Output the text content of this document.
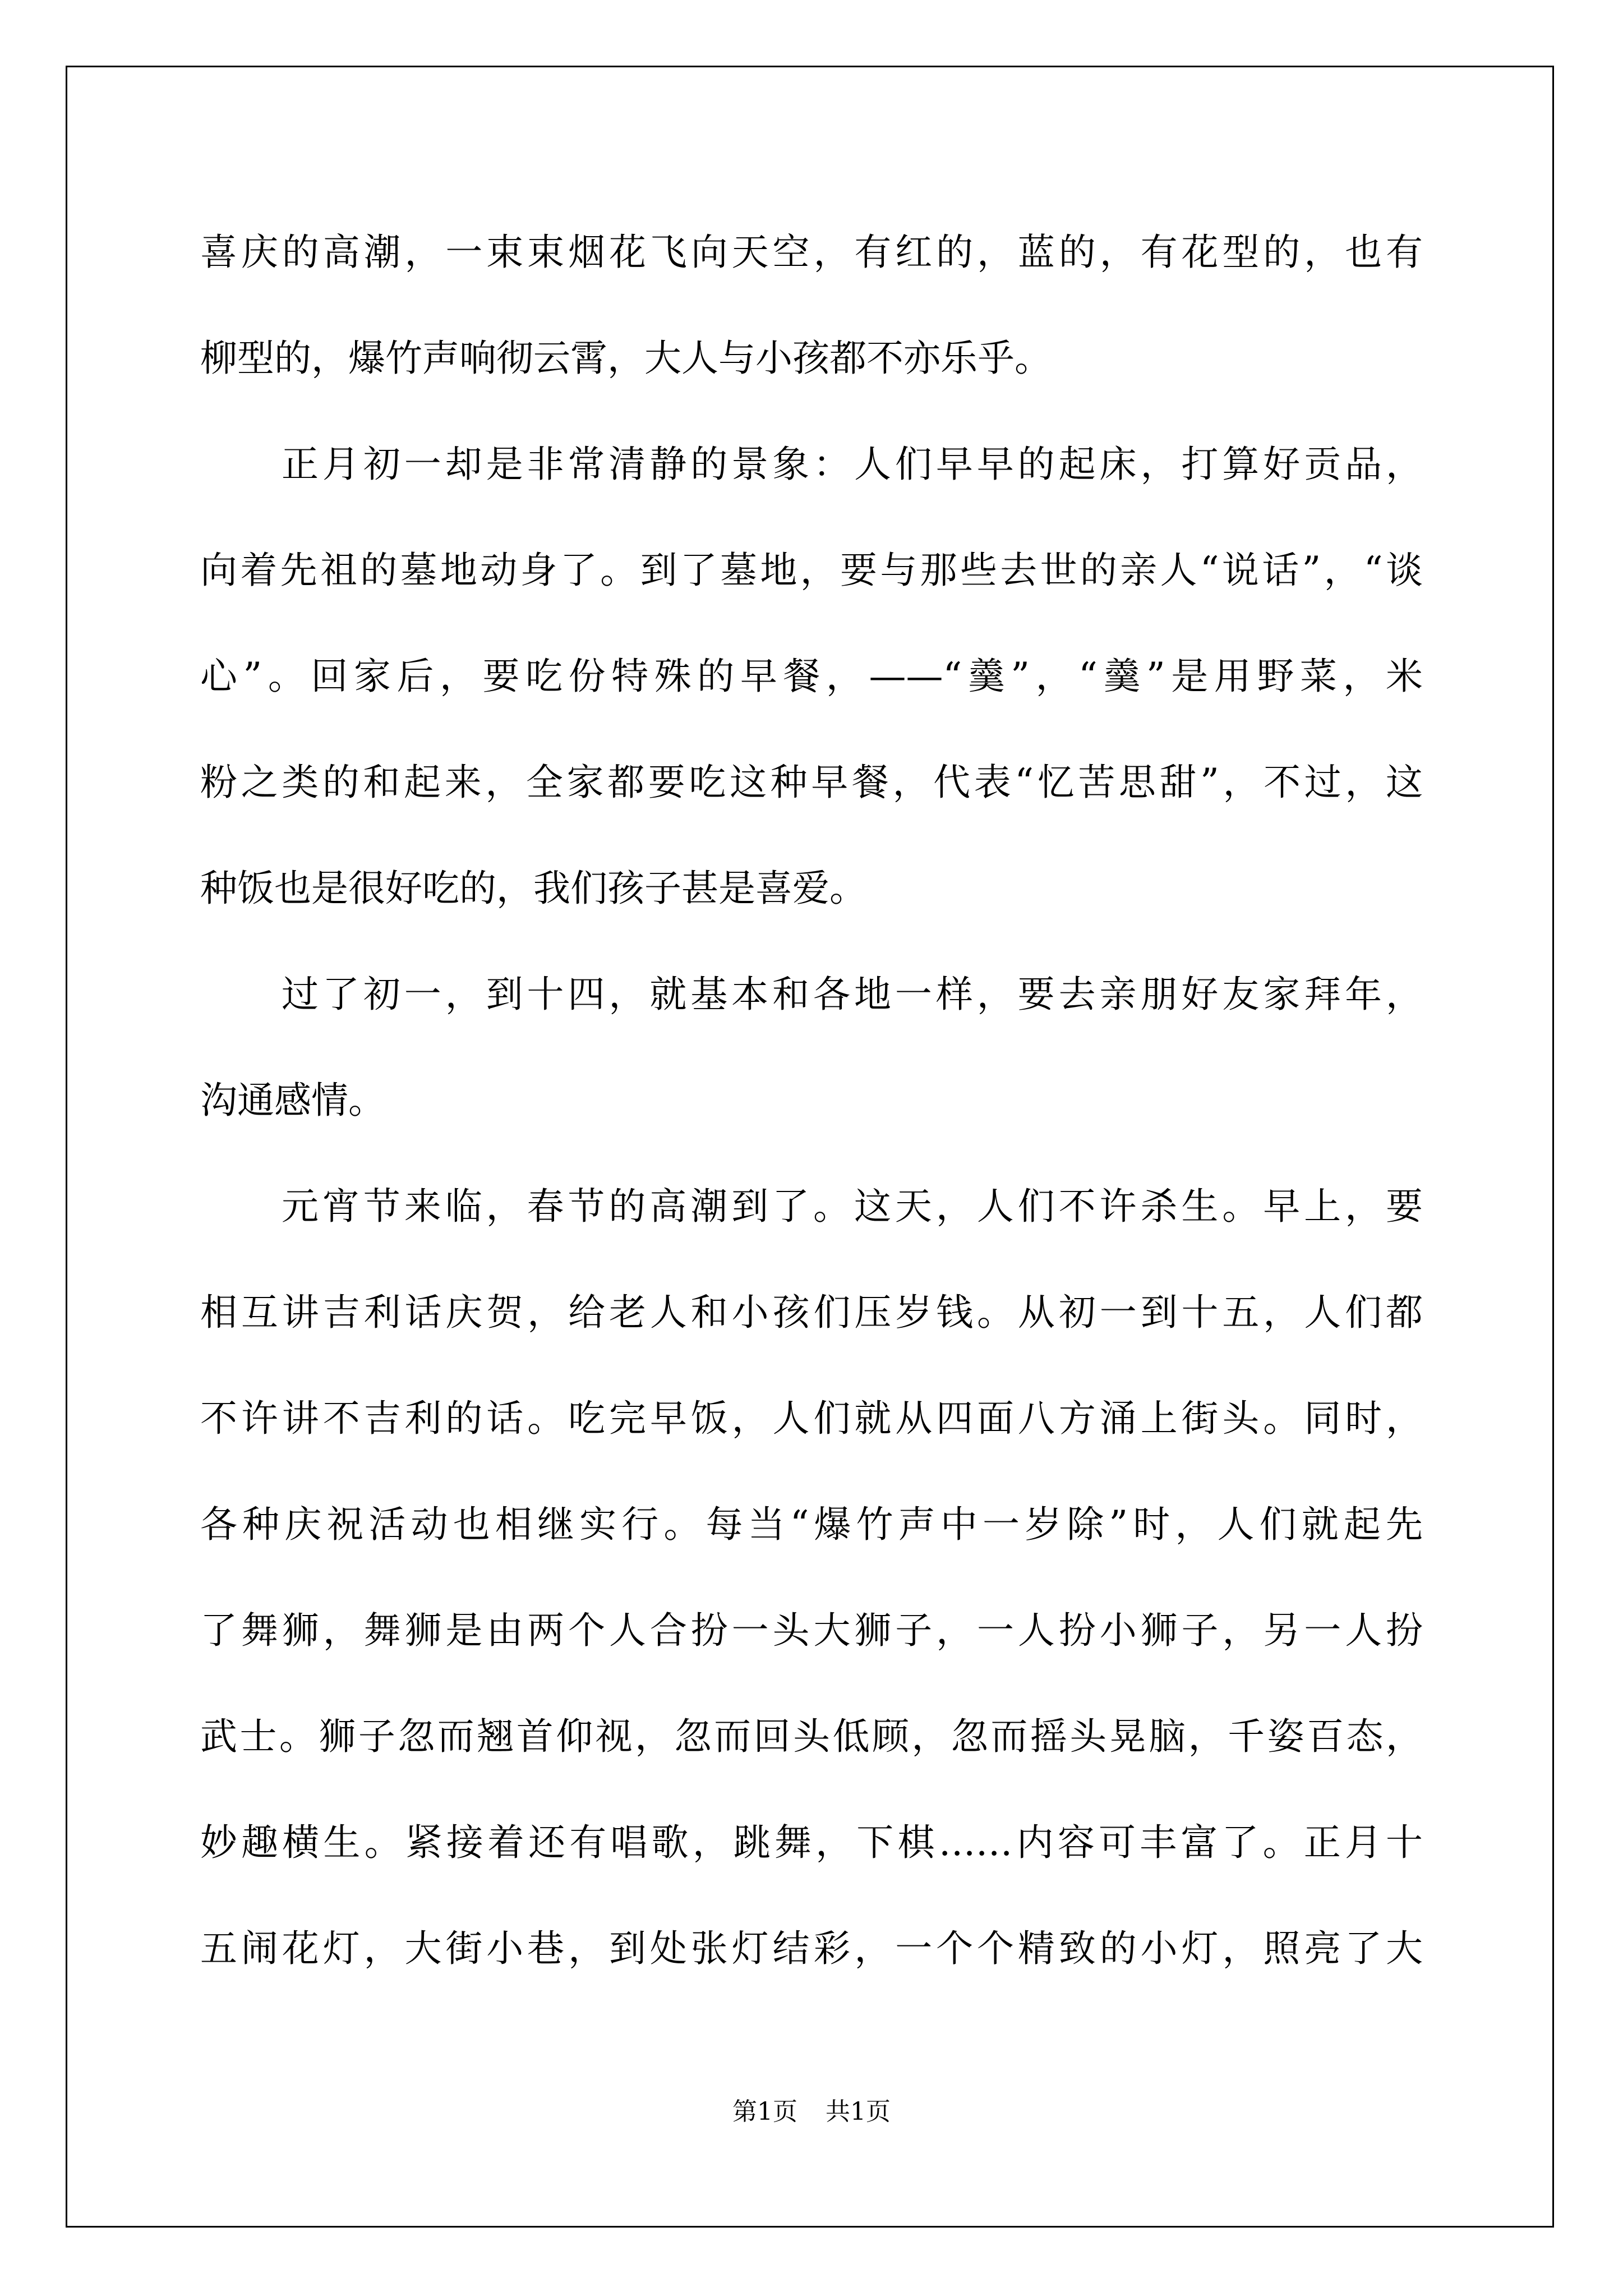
喜庆的高潮，一束束烟花飞向天空，有红的，蓝的，有花型的，也有
柳型的，爆竹声响彻云霄，大人与小孩都不亦乐乎。
正月初一却是非常清静的景象：人们早早的起床，打算好贡品，
向着先祖的墓地动身了。到了墓地，要与那些去世的亲人“说话”，“谈
心”。回家后，要吃份特殊的早餐，——“羹”，“羹”是用野菜，米
粉之类的和起来，全家都要吃这种早餐，代表“忆苦思甜”，不过，这
种饭也是很好吃的，我们孩子甚是喜爱。
过了初一，到十四，就基本和各地一样，要去亲朋好友家拜年，
沟通感情。
元宵节来临，春节的高潮到了。这天，人们不许杀生。早上，要
相互讲吉利话庆贺，给老人和小孩们压岁钱。从初一到十五，人们都
不许讲不吉利的话。吃完早饭，人们就从四面八方涌上街头。同时，
各种庆祝活动也相继实行。每当“爆竹声中一岁除”时，人们就起先
了舞狮，舞狮是由两个人合扮一头大狮子，一人扮小狮子，另一人扮
武士。狮子忽而翘首仰视，忽而回头低顾，忽而摇头晃脑，千姿百态，
妙趣横生。紧接着还有唱歌，跳舞，下棋……内容可丰富了。正月十
五闹花灯，大街小巷，到处张灯结彩，一个个精致的小灯，照亮了大
第1页 共1页
